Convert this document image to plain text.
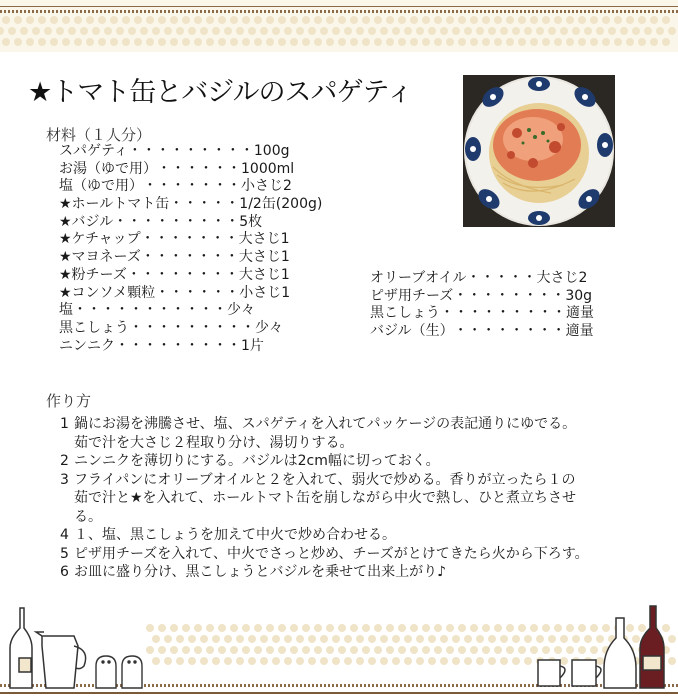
★トマト缶とバジルのスパゲティ
材料（１人分）
スパゲティ ・・・・・・・・・ 100g
お湯（ゆで用） ・・・・・・ 1000ml
塩（ゆで用） ・・・・・・・ 小さじ2
★ホールトマト缶 ・・・・・ 1/2缶(200g)
★バジル ・・・・・・・・・ 5枚
★ケチャップ ・・・・・・・ 大さじ1
★マヨネーズ ・・・・・・・ 大さじ1
★粉チーズ ・・・・・・・・ 大さじ1
★コンソメ顆粒 ・・・・・・ 小さじ1
塩 ・・・・・・・・・・・ 少々
黒こしょう ・・・・・・・・・ 少々
ニンニク ・・・・・・・・・ 1片
オリーブオイル ・・・・・ 大さじ2
ピザ用チーズ ・・・・・・・・ 30g
黒こしょう ・・・・・・・・・ 適量
バジル（生） ・・・・・・・・ 適量
作り方
1 鍋にお湯を沸騰させ、塩、スパゲティを入れてパッケージの表記通りにゆでる。
茹で汁を大さじ２程取り分け、湯切りする。
2 ニンニクを薄切りにする。バジルは2cm幅に切っておく。
3 フライパンにオリーブオイルと２を入れて、弱火で炒める。香りが立ったら１の
茹で汁と★を入れて、ホールトマト缶を崩しながら中火で熱し、ひと煮立ちさせ
る。
4 １、塩、黒こしょうを加えて中火で炒め合わせる。
5 ピザ用チーズを入れて、中火でさっと炒め、チーズがとけてきたら火から下ろす。
6 お皿に盛り分け、黒こしょうとバジルを乗せて出来上がり♪
